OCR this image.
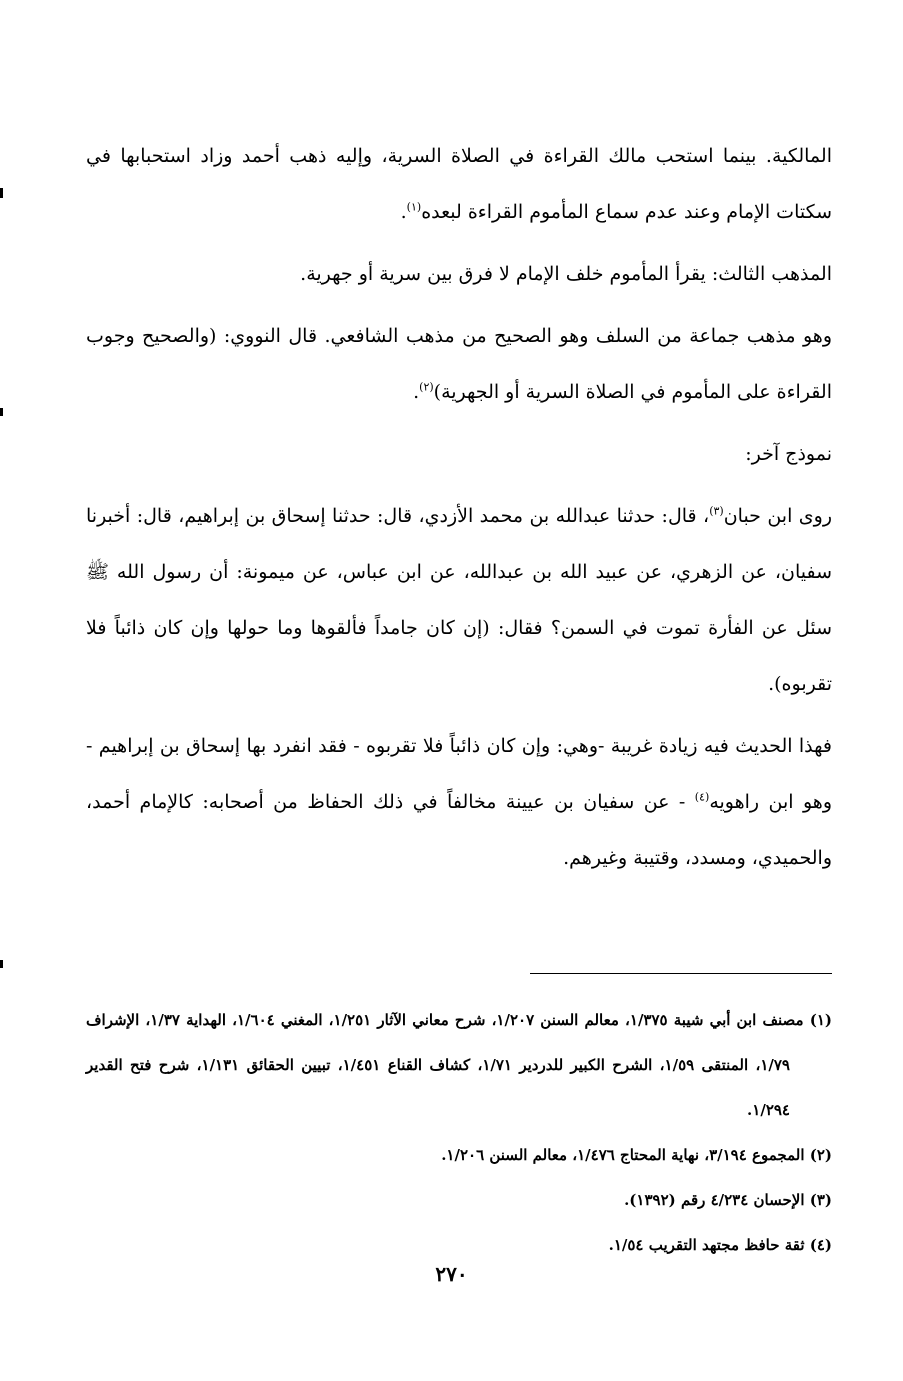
المالكية. بينما استحب مالك القراءة في الصلاة السرية، وإليه ذهب أحمد وزاد استحبابها في سكتات الإمام وعند عدم سماع المأموم القراءة لبعده$^{(١)}$.

المذهب الثالث: يقرأ المأموم خلف الإمام لا فرق بين سرية أو جهرية.

وهو مذهب جماعة من السلف وهو الصحيح من مذهب الشافعي. قال النووي: (والصحيح وجوب القراءة على المأموم في الصلاة السرية أو الجهرية)$^{(٢)}$.

نموذج آخر:

روى ابن حبان$^{(٣)}$، قال: حدثنا عبدالله بن محمد الأزدي، قال: حدثنا إسحاق بن إبراهيم، قال: أخبرنا سفيان، عن الزهري، عن عبيد الله بن عبدالله، عن ابن عباس، عن ميمونة: أن رسول الله ﷺ سئل عن الفأرة تموت في السمن؟ فقال: (إن كان جامداً فألقوها وما حولها وإن كان ذائباً فلا تقربوه).

فهذا الحديث فيه زيادة غريبة -وهي: وإن كان ذائباً فلا تقربوه - فقد انفرد بها إسحاق بن إبراهيم - وهو ابن راهويه$^{(٤)}$ - عن سفيان بن عيينة مخالفاً في ذلك الحفاظ من أصحابه: كالإمام أحمد، والحميدي، ومسدد، وقتيبة وغيرهم.

(١) مصنف ابن أبي شيبة ١/٣٧٥، معالم السنن ١/٢٠٧، شرح معاني الآثار ١/٢٥١، المغني ١/٦٠٤، الهداية ١/٣٧، الإشراف ١/٧٩، المنتقى ١/٥٩، الشرح الكبير للدردير ١/٧١، كشاف القناع ١/٤٥١، تبيين الحقائق ١/١٣١، شرح فتح القدير ١/٢٩٤.

(٢) المجموع ٣/١٩٤، نهاية المحتاج ١/٤٧٦، معالم السنن ١/٢٠٦.

(٣) الإحسان ٤/٢٣٤ رقم (١٣٩٢).

(٤) ثقة حافظ مجتهد التقريب ١/٥٤.

٢٧٠
